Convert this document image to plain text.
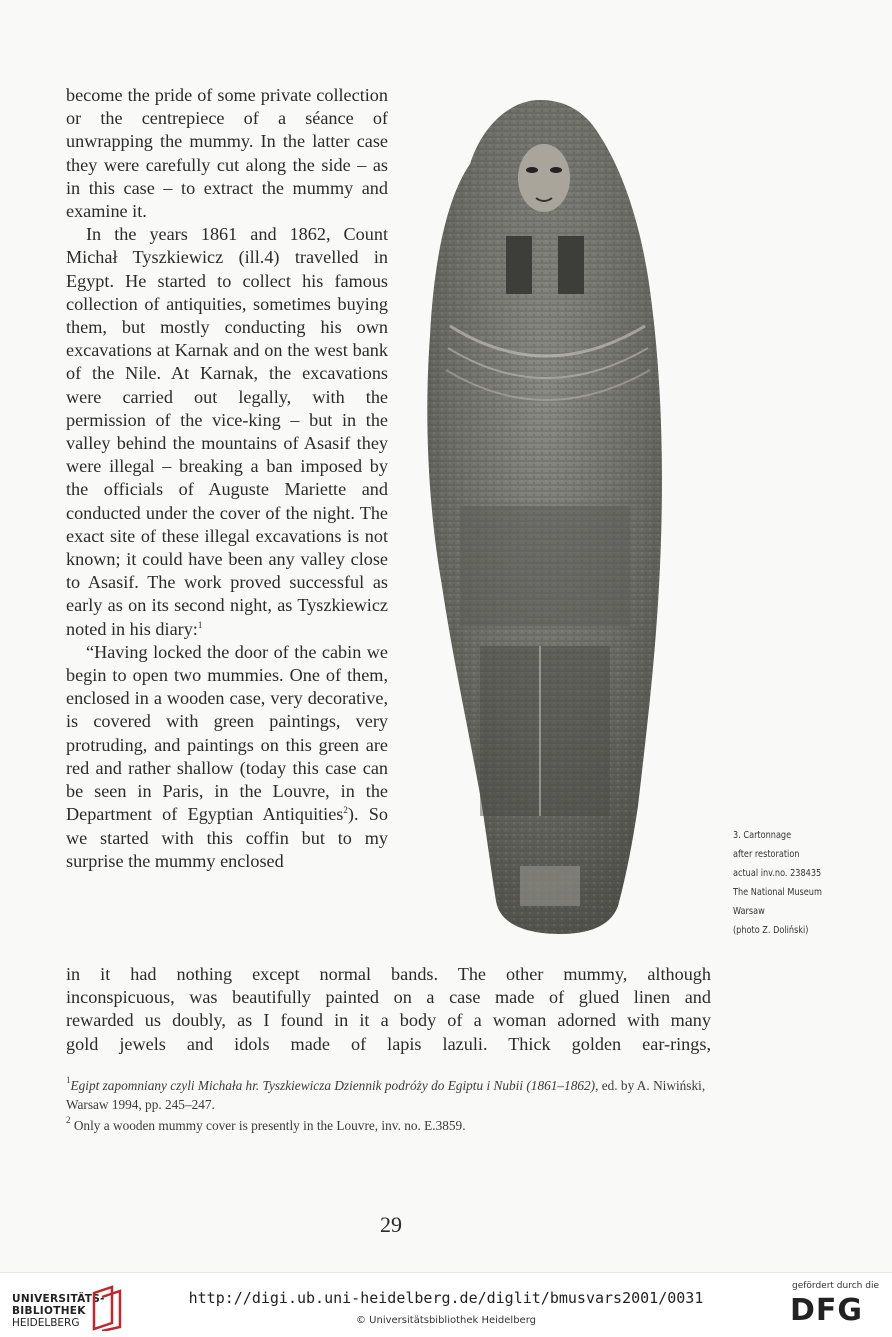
become the pride of some private collection or the centrepiece of a séance of unwrapping the mummy. In the latter case they were carefully cut along the side – as in this case – to extract the mummy and examine it.

In the years 1861 and 1862, Count Michał Tyszkiewicz (ill.4) travelled in Egypt. He started to collect his famous collection of antiquities, sometimes buying them, but mostly conducting his own excavations at Karnak and on the west bank of the Nile. At Karnak, the excavations were carried out legally, with the permission of the vice-king – but in the valley behind the mountains of Asasif they were illegal – breaking a ban imposed by the officials of Auguste Mariette and conducted under the cover of the night. The exact site of these illegal excavations is not known; it could have been any valley close to Asasif. The work proved successful as early as on its second night, as Tyszkiewicz noted in his diary:$^1$

“Having locked the door of the cabin we begin to open two mummies. One of them, enclosed in a wooden case, very decorative, is covered with green paintings, very protruding, and paintings on this green are red and rather shallow (today this case can be seen in Paris, in the Louvre, in the Department of Egyptian Antiquities$^2$). So we started with this coffin but to my surprise the mummy enclosed

3. Cartonnage
after restoration
actual inv.no. 238435
The National Museum
Warsaw
(photo Z. Doliński)
in it had nothing except normal bands. The other mummy, although
inconspicuous, was beautifully painted on a case made of glued linen and
rewarded us doubly, as I found in it a body of a woman adorned with many
gold jewels and idols made of lapis lazuli. Thick golden ear-rings,

$^1$Egipt zapomniany czyli Michała hr. Tyszkiewicza Dziennik podróży do Egiptu i Nubii (1861–1862), ed. by A. Niwiński, Warsaw 1994, pp. 245–247.

$^2$ Only a wooden mummy cover is presently in the Louvre, inv. no. E.3859.

29
UNIVERSITÄTS-
BIBLIOTHEK
HEIDELBERG
http://digi.ub.uni-heidelberg.de/diglit/bmusvars2001/0031
© Universitätsbibliothek Heidelberg
gefördert durch die
DFG
